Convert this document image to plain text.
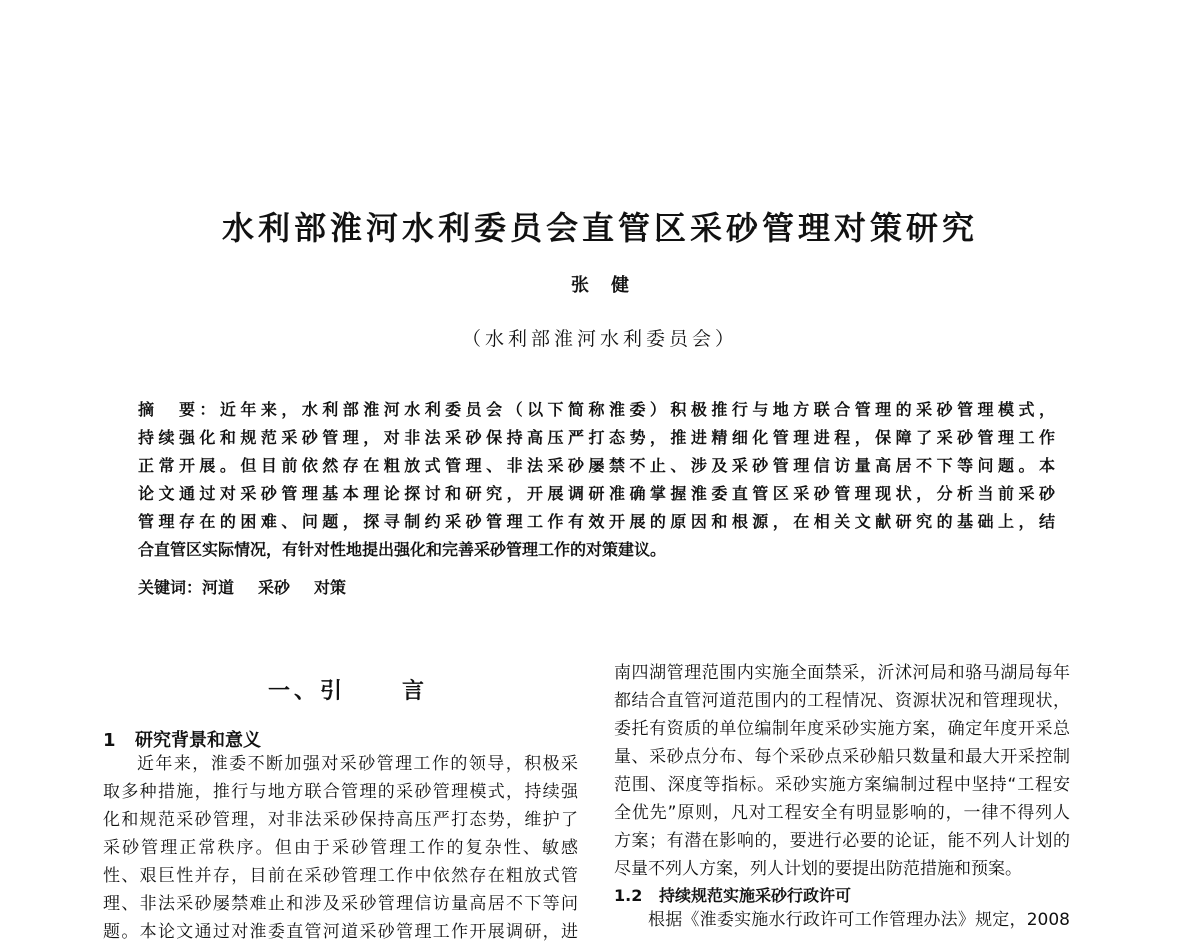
水利部淮河水利委员会直管区采砂管理对策研究
张健
（水利部淮河水利委员会）
摘　要：近年来，水利部淮河水利委员会（以下简称淮委）积极推行与地方联合管理的采砂管理模式，
持续强化和规范采砂管理，对非法采砂保持高压严打态势，推进精细化管理进程，保障了采砂管理工作
正常开展。但目前依然存在粗放式管理、非法采砂屡禁不止、涉及采砂管理信访量高居不下等问题。本
论文通过对采砂管理基本理论探讨和研究，开展调研准确掌握淮委直管区采砂管理现状，分析当前采砂
管理存在的困难、问题，探寻制约采砂管理工作有效开展的原因和根源，在相关文献研究的基础上，结
合直管区实际情况，有针对性地提出强化和完善采砂管理工作的对策建议。
关键词：河道 采砂 对策
一、引	言
1 研究背景和意义
近年来，淮委不断加强对采砂管理工作的领导，积极采
取多种措施，推行与地方联合管理的采砂管理模式，持续强
化和规范采砂管理，对非法采砂保持高压严打态势，维护了
采砂管理正常秩序。但由于采砂管理工作的复杂性、敏感
性、艰巨性并存，目前在采砂管理工作中依然存在粗放式管
理、非法采砂屡禁难止和涉及采砂管理信访量高居不下等问
题。本论文通过对淮委直管河道采砂管理工作开展调研，进
南四湖管理范围内实施全面禁采，沂沭河局和骆马湖局每年
都结合直管河道范围内的工程情况、资源状况和管理现状，
委托有资质的单位编制年度采砂实施方案，确定年度开采总
量、采砂点分布、每个采砂点采砂船只数量和最大开采控制
范围、深度等指标。采砂实施方案编制过程中坚持“工程安
全优先”原则，凡对工程安全有明显影响的，一律不得列人
方案；有潜在影响的，要进行必要的论证，能不列人计划的
尽量不列人方案，列人计划的要提出防范措施和预案。
1.2 持续规范实施采砂行政许可
根据《淮委实施水行政许可工作管理办法》规定，2008
